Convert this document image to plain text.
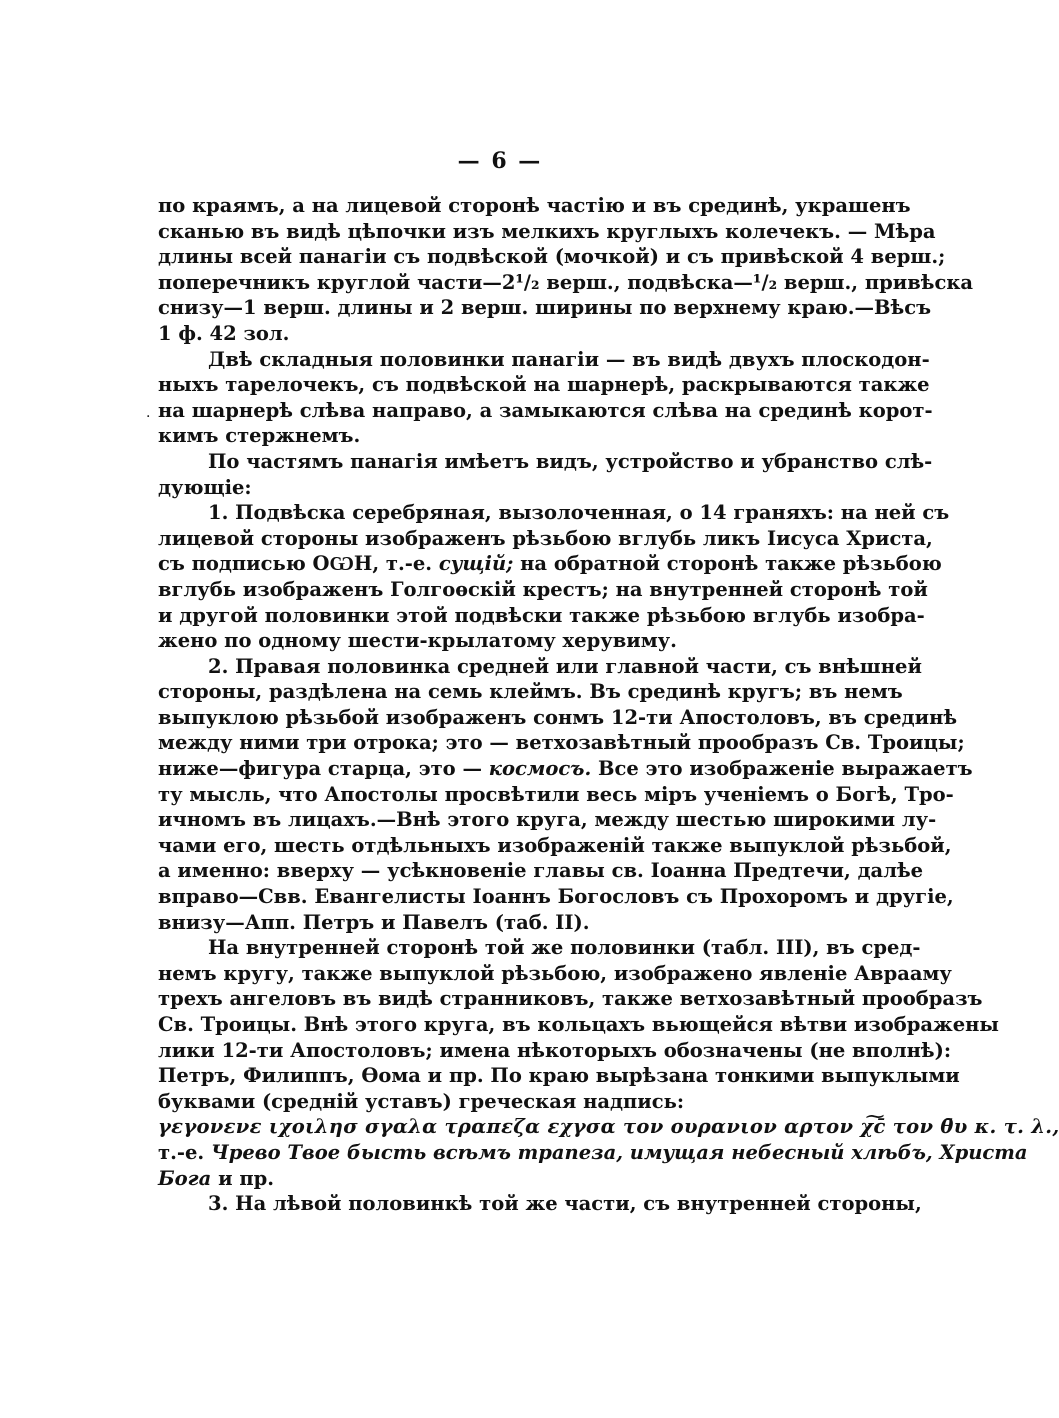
— 6 —
·
по краямъ, а на лицевой сторонѣ частію и въ срединѣ, украшенъ
сканью въ видѣ цѣпочки изъ мелкихъ круглыхъ колечекъ. — Мѣра
длины всей панагіи съ подвѣской (мочкой) и съ привѣской 4 верш.;
поперечникъ круглой части—2¹/₂ верш., подвѣска—¹/₂ верш., привѣска
снизу—1 верш. длины и 2 верш. ширины по верхнему краю.—Вѣсъ
1 ф. 42 зол.
Двѣ складныя половинки панагіи — въ видѣ двухъ плоскодон-
ныхъ тарелочекъ, съ подвѣской на шарнерѣ, раскрываются также
на шарнерѣ слѣва направо, а замыкаются слѣва на срединѣ корот-
кимъ стержнемъ.
По частямъ панагія имѣетъ видъ, устройство и убранство слѣ-
дующіе:
1. Подвѣска серебряная, вызолоченная, о 14 граняхъ: на ней съ
лицевой стороны изображенъ рѣзьбою вглубь ликъ Іисуса Христа,
съ подписью ОѠН, т.-е. сущій; на обратной сторонѣ также рѣзьбою
вглубь изображенъ Голгоѳскій крестъ; на внутренней сторонѣ той
и другой половинки этой подвѣски также рѣзьбою вглубь изобра-
жено по одному шести-крылатому херувиму.
2. Правая половинка средней или главной части, съ внѣшней
стороны, раздѣлена на семь клеймъ. Въ срединѣ кругъ; въ немъ
выпуклою рѣзьбой изображенъ сонмъ 12-ти Апостоловъ, въ срединѣ
между ними три отрока; это — ветхозавѣтный прообразъ Св. Троицы;
ниже—фигура старца, это — космосъ. Все это изображеніе выражаетъ
ту мысль, что Апостолы просвѣтили весь міръ ученіемъ о Богѣ, Тро-
ичномъ въ лицахъ.—Внѣ этого круга, между шестью широкими лу-
чами его, шесть отдѣльныхъ изображеній также выпуклой рѣзьбой,
а именно: вверху — усѣкновеніе главы св. Іоанна Предтечи, далѣе
вправо—Свв. Евангелисты Іоаннъ Богословъ съ Прохоромъ и другіе,
внизу—Апп. Петръ и Павелъ (таб. II).
На внутренней сторонѣ той же половинки (табл. III), въ сред-
немъ кругу, также выпуклой рѣзьбою, изображено явленіе Аврааму
трехъ ангеловъ въ видѣ странниковъ, также ветхозавѣтный прообразъ
Св. Троицы. Внѣ этого круга, въ кольцахъ вьющейся вѣтви изображены
лики 12-ти Апостоловъ; имена нѣкоторыхъ обозначены (не вполнѣ):
Петръ, Филиппъ, Ѳома и пр. По краю вырѣзана тонкими выпуклыми
буквами (средній уставъ) греческая надпись:
γεγονενε ιχοιλησ σγαλα τραπεζα εχγσα τον ουρανιον αρτον χ͠ϲ̄ τον θ̄υ κ. τ. λ.,
т.-е. Чрево Твое бысть всѣмъ трапеза, имущая небесный хлѣбъ, Христа
Бога и пр.
3. На лѣвой половинкѣ той же части, съ внутренней стороны,
